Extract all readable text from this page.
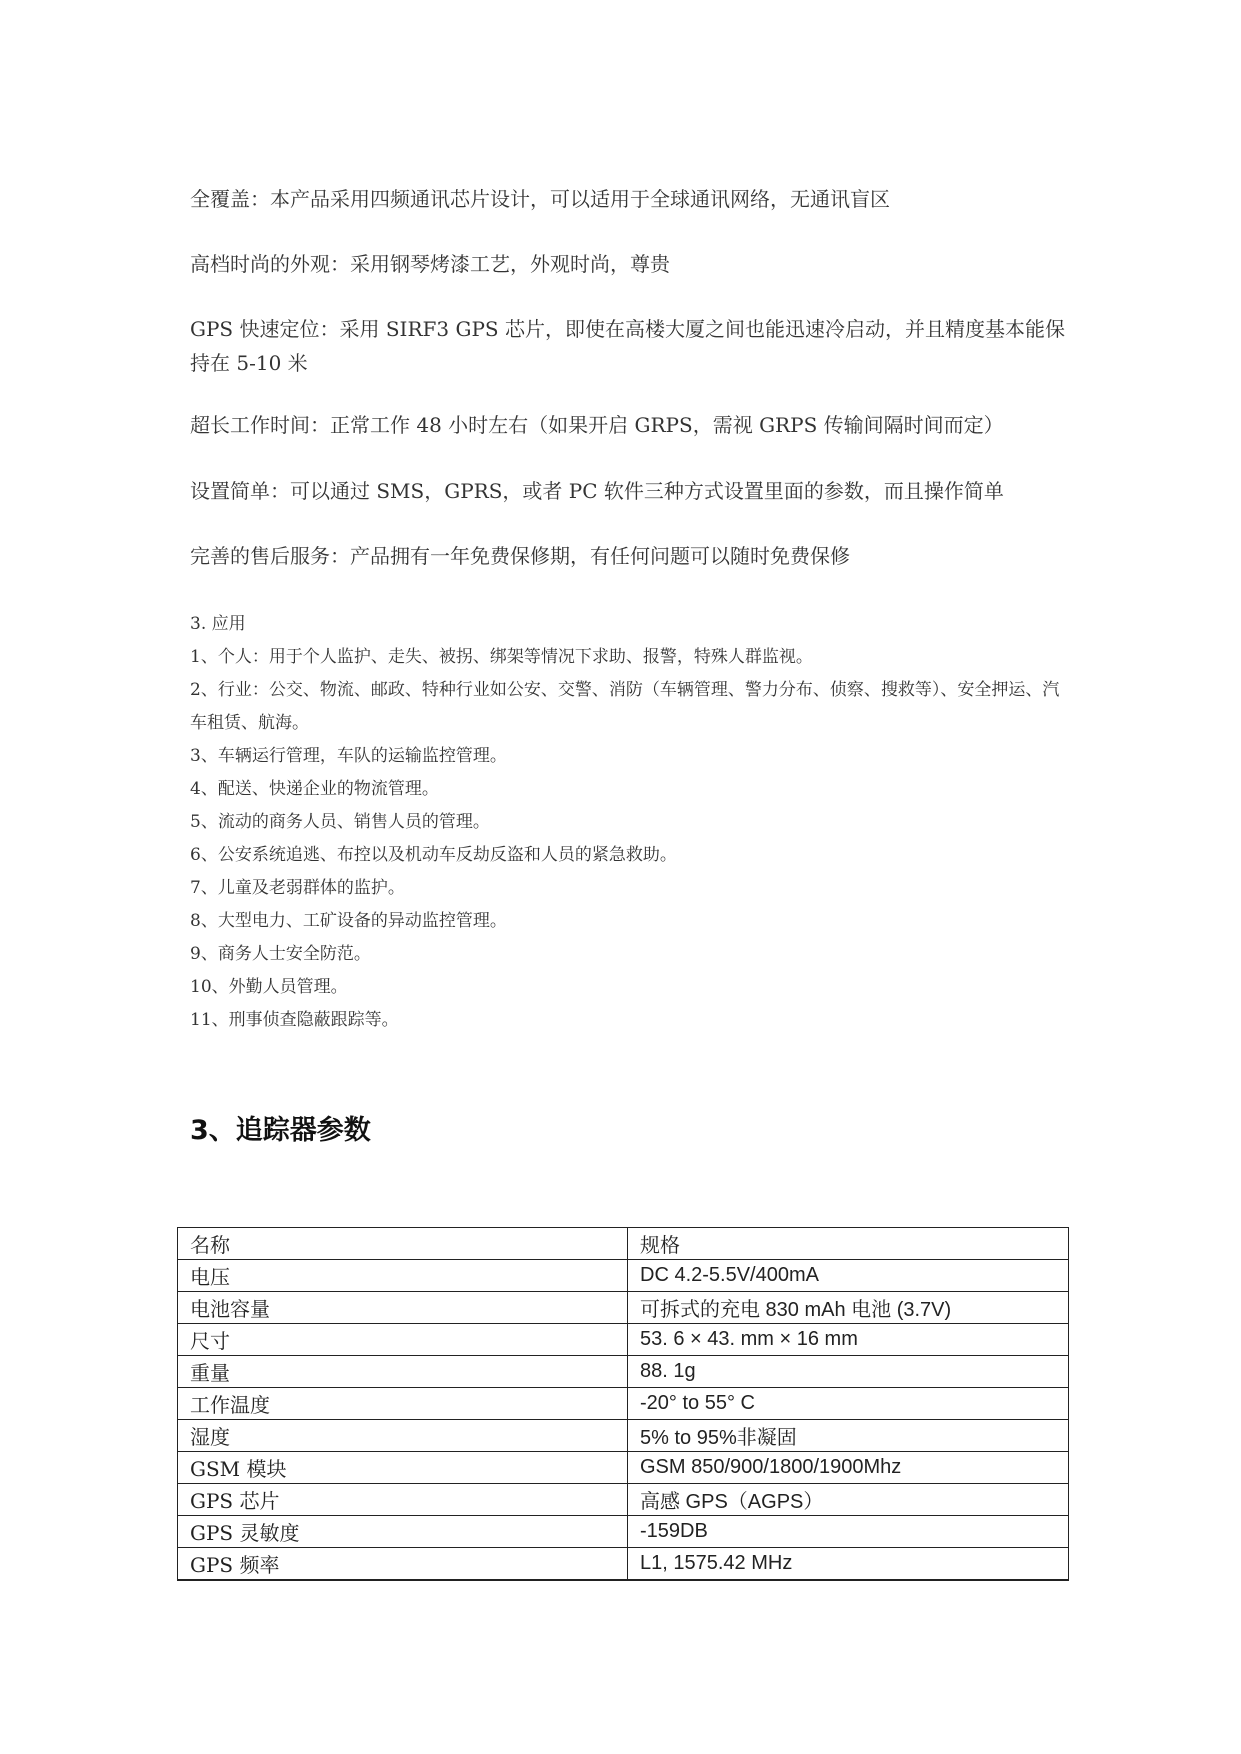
全覆盖：本产品采用四频通讯芯片设计，可以适用于全球通讯网络，无通讯盲区
高档时尚的外观：采用钢琴烤漆工艺，外观时尚，尊贵
GPS 快速定位：采用 SIRF3 GPS 芯片，即使在高楼大厦之间也能迅速冷启动，并且精度基本能保持在 5-10 米
超长工作时间：正常工作 48 小时左右（如果开启 GRPS，需视 GRPS 传输间隔时间而定）
设置简单：可以通过 SMS，GPRS，或者 PC 软件三种方式设置里面的参数，而且操作简单
完善的售后服务：产品拥有一年免费保修期，有任何问题可以随时免费保修
3. 应用
1、个人：用于个人监护、走失、被拐、绑架等情况下求助、报警，特殊人群监视。
2、行业：公交、物流、邮政、特种行业如公安、交警、消防（车辆管理、警力分布、侦察、搜救等）、安全押运、汽车租赁、航海。
3、车辆运行管理，车队的运输监控管理。
4、配送、快递企业的物流管理。
5、流动的商务人员、销售人员的管理。
6、公安系统追逃、布控以及机动车反劫反盗和人员的紧急救助。
7、儿童及老弱群体的监护。
8、大型电力、工矿设备的异动监控管理。
9、商务人士安全防范。
10、外勤人员管理。
11、刑事侦查隐蔽跟踪等。
3、追踪器参数
名称	规格
电压	DC 4.2-5.5V/400mA
电池容量	可拆式的充电 830 mAh 电池 (3.7V)
尺寸	53. 6 × 43. mm × 16 mm
重量	88. 1g
工作温度	-20° to 55° C
湿度	5% to 95%非凝固
GSM 模块	GSM 850/900/1800/1900Mhz
GPS 芯片	高感 GPS（AGPS）
GPS 灵敏度	-159DB
GPS 频率	L1, 1575.42 MHz
